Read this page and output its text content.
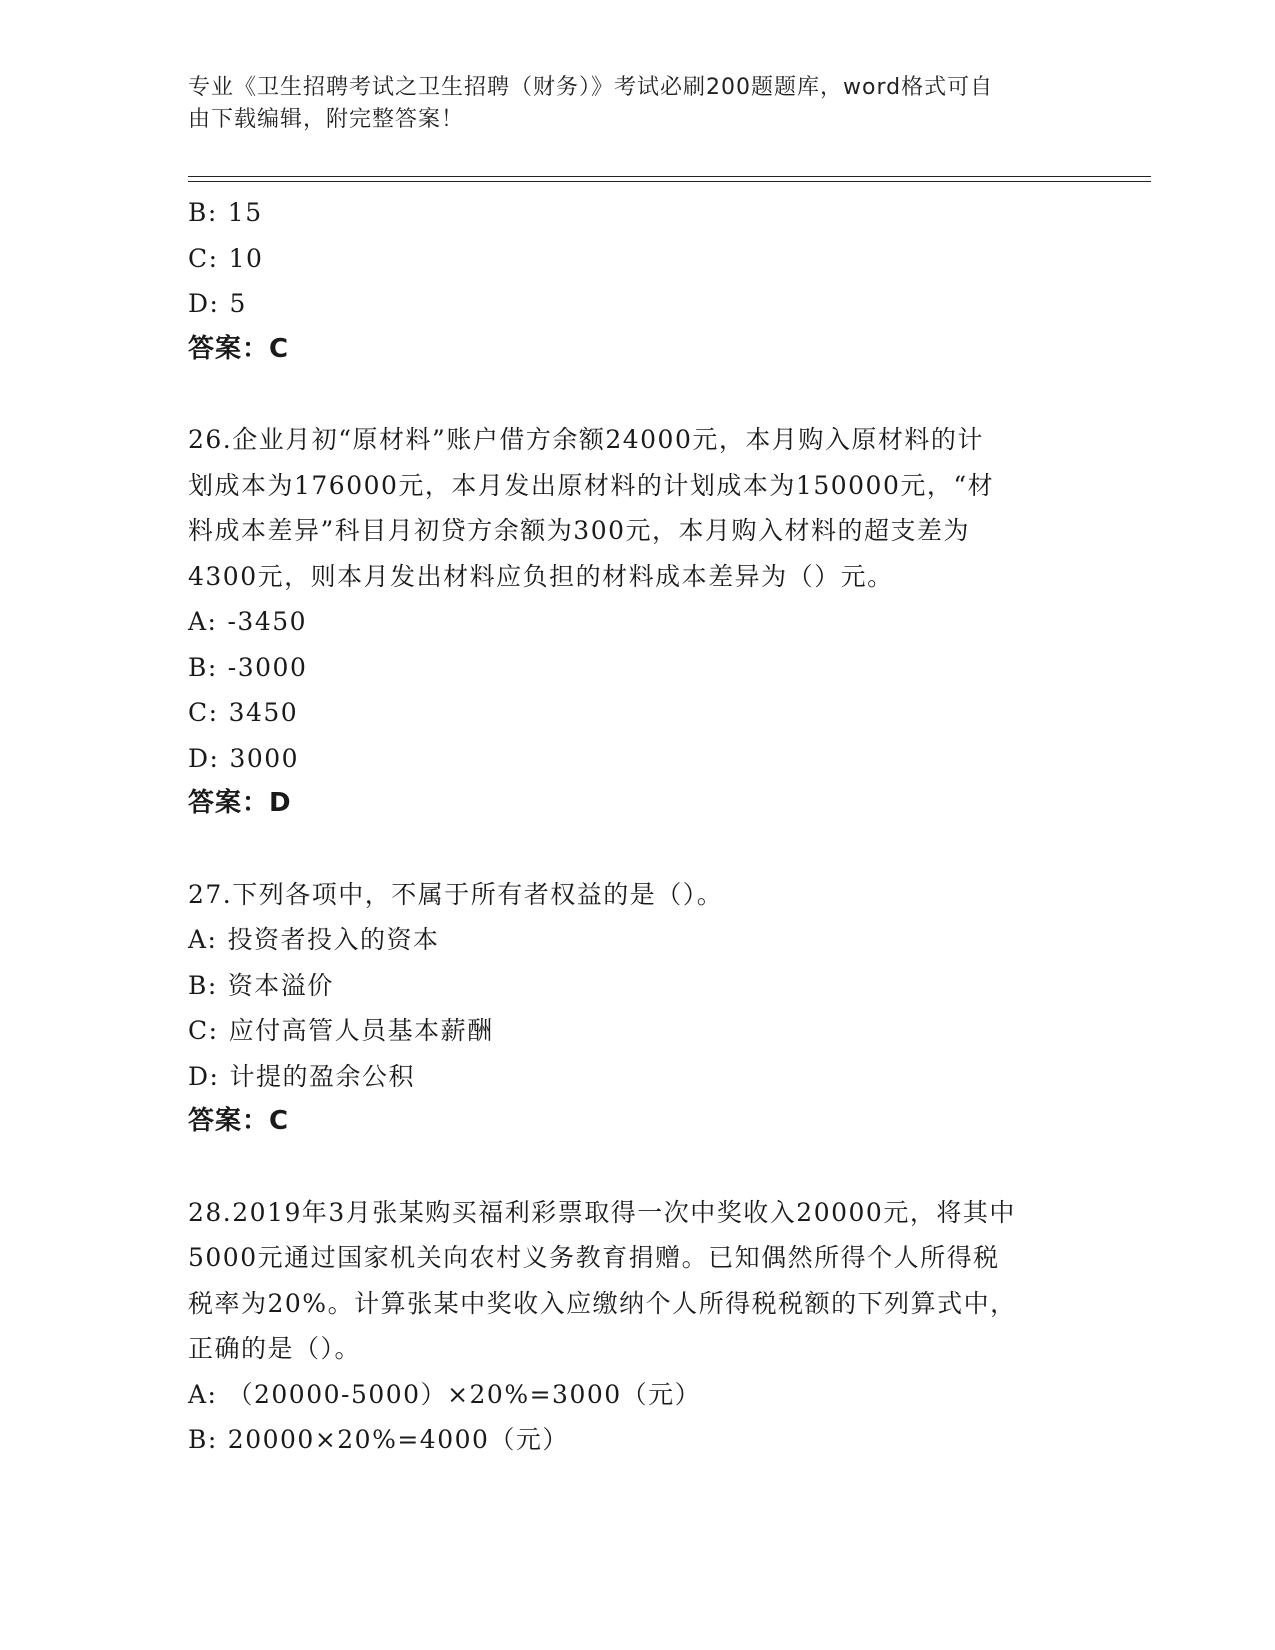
专业《卫生招聘考试之卫生招聘（财务）》考试必刷200题题库，word格式可自
由下载编辑，附完整答案！
B: 15
C: 10
D: 5
答案：C
26.企业月初“原材料”账户借方余额24000元，本月购入原材料的计
划成本为176000元，本月发出原材料的计划成本为150000元，“材
料成本差异”科目月初贷方余额为300元，本月购入材料的超支差为
4300元，则本月发出材料应负担的材料成本差异为（）元。
A: -3450
B: -3000
C: 3450
D: 3000
答案：D
27.下列各项中，不属于所有者权益的是（）。
A: 投资者投入的资本
B: 资本溢价
C: 应付高管人员基本薪酬
D: 计提的盈余公积
答案：C
28.2019年3月张某购买福利彩票取得一次中奖收入20000元，将其中
5000元通过国家机关向农村义务教育捐赠。已知偶然所得个人所得税
税率为20%。计算张某中奖收入应缴纳个人所得税税额的下列算式中，
正确的是（）。
A: （20000-5000）×20%=3000（元）
B: 20000×20%=4000（元）
